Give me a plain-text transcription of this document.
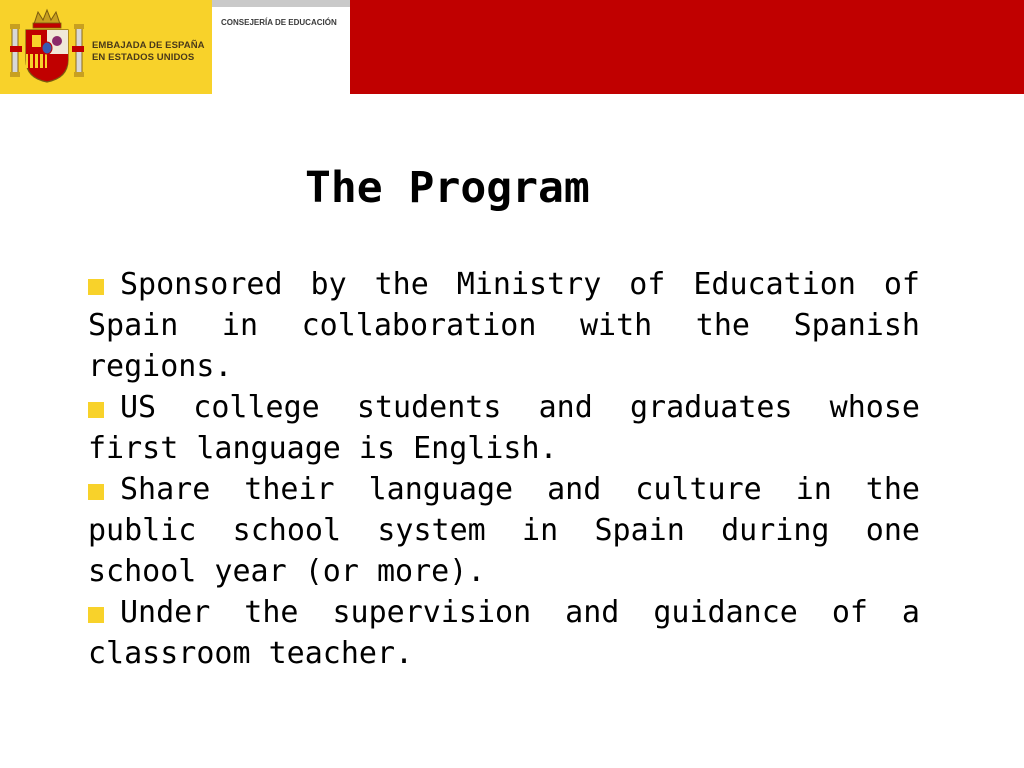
EMBAJADA DE ESPAÑA
EN ESTADOS UNIDOS
CONSEJERÍA DE EDUCACIÓN
The Program

Sponsored by the Ministry of Education of Spain in collaboration with the Spanish regions.

US college students and graduates whose first language is English.

Share their language and culture in the public school system in Spain during one school year (or more).

Under the supervision and guidance of a classroom teacher.
